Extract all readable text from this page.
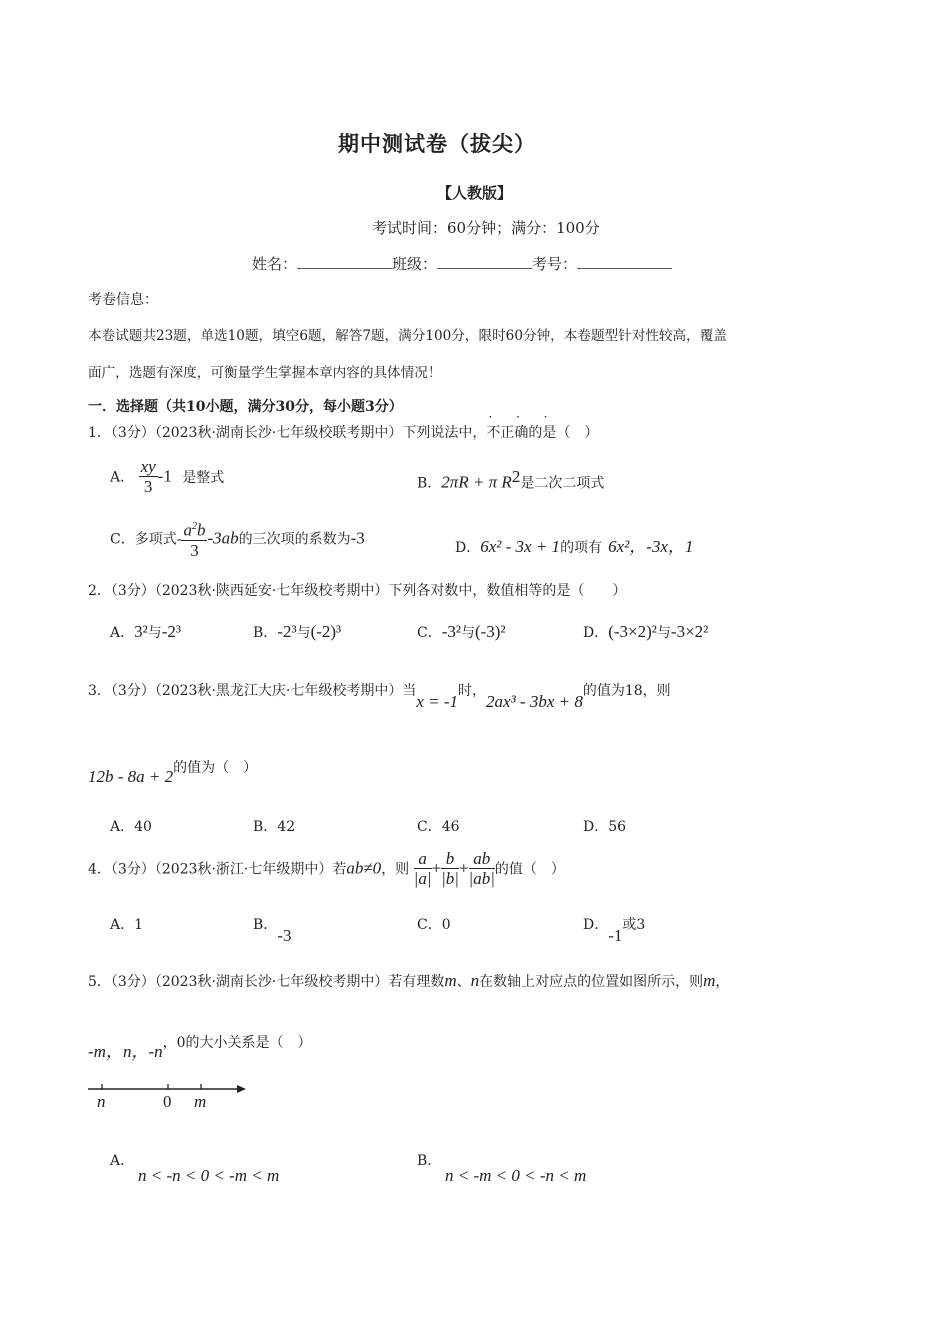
期中测试卷（拔尖）
【人教版】
考试时间：60分钟；满分：100分
姓名：	班级：	考号：
考卷信息：
本卷试题共23题，单选10题，填空6题，解答7题，满分100分，限时60分钟，本卷题型针对性较高，覆盖
面广，选题有深度，可衡量学生掌握本章内容的具体情况！
一．选择题（共10小题，满分30分，每小题3分）
1．（3分）（2023秋·湖南长沙·七年级校联考期中）下列说法中，
· · ·
不正确的是（　）
A． $\frac{xy}{3} -1$ 是整式	B．2πR + π $R^2$是二次二项式
C．多项式- $\frac{a^2b}{3} -3ab$的三次项的系数为-3
D．6x² - 3x + 1的项有 6x²，-3x，1
2．（3分）（2023秋·陕西延安·七年级校考期中）下列各对数中，数值相等的是（　　）
A．3²与-2³	B．-2³与(-2)³	C．-3²与(-3)²	D．(-3×2)²与-3×2²
3．（3分）（2023秋·黑龙江大庆·七年级校考期中）当x = -1时，2ax³ - 3bx + 8的值为18，则
12b - 8a + 2的值为（　）
A．40	B．42	C．46	D．56
4．（3分）（2023秋·浙江·七年级期中）若ab≠0，则 $\frac{a}{|a|} + \frac{b}{|b|} + \frac{ab}{|ab|}$ 的值（　）
A．1	B．-3
C．0	D．-1或3
5．（3分）（2023秋·湖南长沙·七年级校考期中）若有理数m、n在数轴上对应点的位置如图所示，则m，
-m，n，-n，0的大小关系是（　）
n	0 m
A．
n < -n < 0 < -m < m
B．
n < -m < 0 < -n < m
